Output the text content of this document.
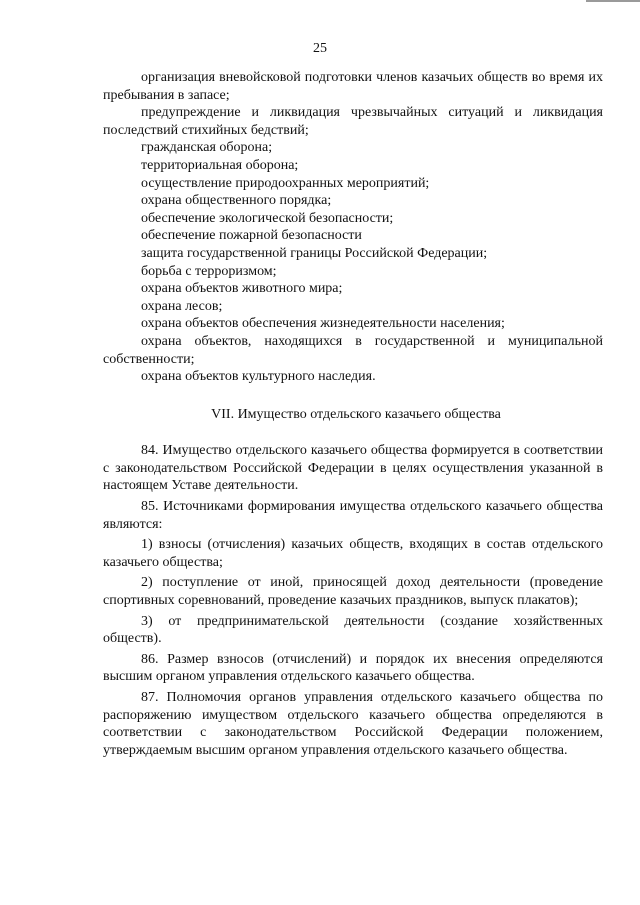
25

организация вневойсковой подготовки членов казачьих обществ во время их пребывания в запасе;

предупреждение и ликвидация чрезвычайных ситуаций и ликвидация последствий стихийных бедствий;

гражданская оборона;

территориальная оборона;

осуществление природоохранных мероприятий;

охрана общественного порядка;

обеспечение экологической безопасности;

обеспечение пожарной безопасности

защита государственной границы Российской Федерации;

борьба с терроризмом;

охрана объектов животного мира;

охрана лесов;

охрана объектов обеспечения жизнедеятельности населения;

охрана объектов, находящихся в государственной и муниципальной собственности;

охрана объектов культурного наследия.

VII. Имущество отдельского казачьего общества

84. Имущество отдельского казачьего общества формируется в соответствии с законодательством Российской Федерации в целях осуществления указанной в настоящем Уставе деятельности.

85. Источниками формирования имущества отдельского казачьего общества являются:

1) взносы (отчисления) казачьих обществ, входящих в состав отдельского казачьего общества;

2) поступление от иной, приносящей доход деятельности (проведение спортивных соревнований, проведение казачьих праздников, выпуск плакатов);

3) от предпринимательской деятельности (создание хозяйственных обществ).

86. Размер взносов (отчислений) и порядок их внесения определяются высшим органом управления отдельского казачьего общества.

87. Полномочия органов управления отдельского казачьего общества по распоряжению имуществом отдельского казачьего общества определяются в соответствии с законодательством Российской Федерации положением, утверждаемым высшим органом управления отдельского казачьего общества.
